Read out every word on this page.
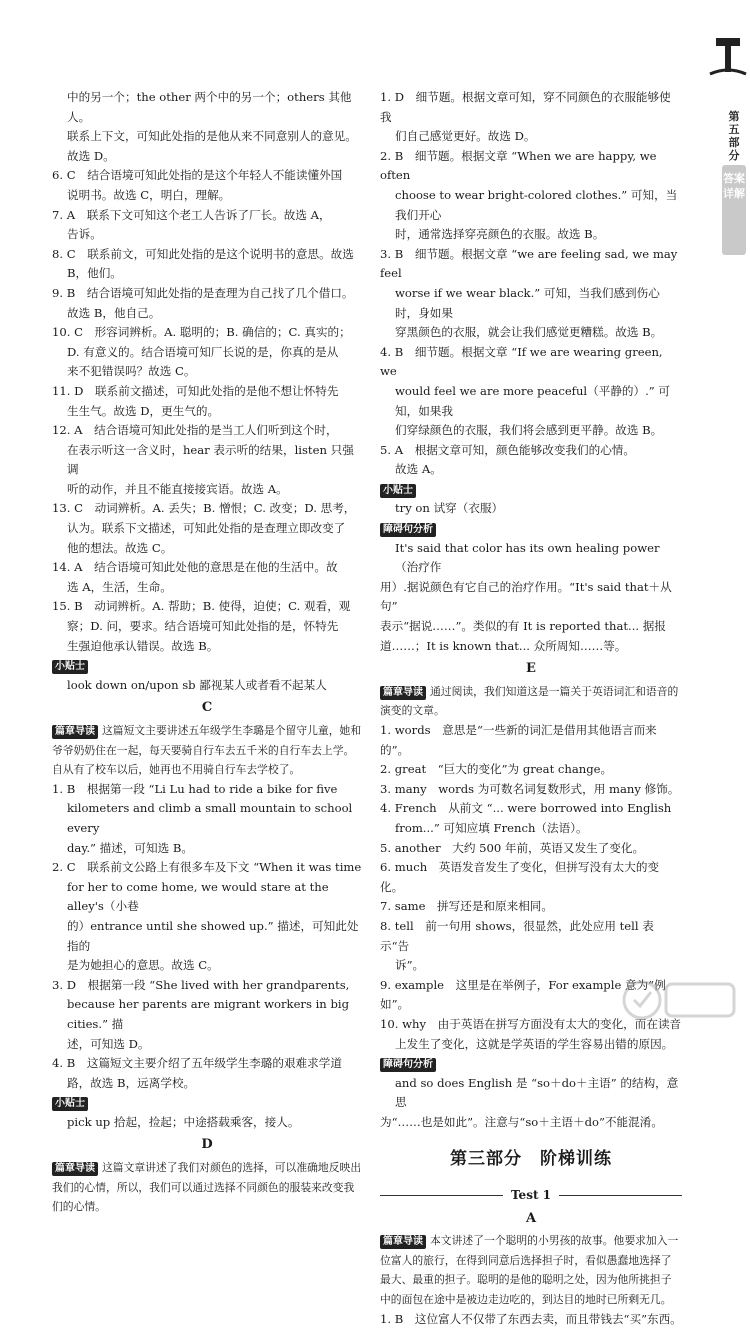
第五部分
答案详解

中的另一个；the other 两个中的另一个；others 其他人。

联系上下文，可知此处指的是他从来不同意别人的意见。

故选 D。

6. C　结合语境可知此处指的是这个年轻人不能读懂外国

说明书。故选 C，明白，理解。

7. A　联系下文可知这个老工人告诉了厂长。故选 A，

告诉。

8. C　联系前文，可知此处指的是这个说明书的意思。故选

B，他们。

9. B　结合语境可知此处指的是查理为自己找了几个借口。

故选 B，他自己。

10. C　形容词辨析。A. 聪明的；B. 确信的；C. 真实的；

D. 有意义的。结合语境可知厂长说的是，你真的是从

来不犯错误吗？故选 C。

11. D　联系前文描述，可知此处指的是他不想让怀特先

生生气。故选 D，更生气的。

12. A　结合语境可知此处指的是当工人们听到这个时，

在表示听这一含义时，hear 表示听的结果，listen 只强调

听的动作，并且不能直接接宾语。故选 A。

13. C　动词辨析。A. 丢失；B. 憎恨；C. 改变；D. 思考，

认为。联系下文描述，可知此处指的是查理立即改变了

他的想法。故选 C。

14. A　结合语境可知此处他的意思是在他的生活中。故

选 A，生活，生命。

15. B　动词辨析。A. 帮助；B. 使得，迫使；C. 观看，观

察；D. 问，要求。结合语境可知此处指的是，怀特先

生强迫他承认错误。故选 B。

小贴士

look down on/upon sb 鄙视某人或者看不起某人

C

篇章导读 这篇短文主要讲述五年级学生李璐是个留守儿童，她和爷爷奶奶住在一起，每天要骑自行车去五千米的自行车去上学。自从有了校车以后，她再也不用骑自行车去学校了。

1. B　根据第一段 “Li Lu had to ride a bike for five

kilometers and climb a small mountain to school every

day.” 描述，可知选 B。

2. C　联系前文公路上有很多车及下文 “When it was time

for her to come home, we would stare at the alley's（小巷

的）entrance until she showed up.” 描述，可知此处指的

是为她担心的意思。故选 C。

3. D　根据第一段 “She lived with her grandparents,

because her parents are migrant workers in big cities.” 描

述，可知选 D。

4. B　这篇短文主要介绍了五年级学生李璐的艰难求学道

路，故选 B，远离学校。

小贴士

pick up 拾起，捡起；中途搭载乘客，接人。

D

篇章导读 这篇文章讲述了我们对颜色的选择，可以准确地反映出我们的心情，所以，我们可以通过选择不同颜色的服装来改变我们的心情。

1. D　细节题。根据文章可知，穿不同颜色的衣服能够使我

们自己感觉更好。故选 D。

2. B　细节题。根据文章 “When we are happy, we often

choose to wear bright-colored clothes.” 可知，当我们开心

时，通常选择穿亮颜色的衣服。故选 B。

3. B　细节题。根据文章 “we are feeling sad, we may feel

worse if we wear black.” 可知，当我们感到伤心时，身如果

穿黑颜色的衣服，就会让我们感觉更糟糕。故选 B。

4. B　细节题。根据文章 “If we are wearing green, we

would feel we are more peaceful（平静的）.” 可知，如果我

们穿绿颜色的衣服，我们将会感到更平静。故选 B。

5. A　根据文章可知，颜色能够改变我们的心情。

故选 A。

小贴士

try on 试穿（衣服）

障碍句分析

It's said that color has its own healing power（治疗作

用）.据说颜色有它自己的治疗作用。“It's said that＋从句”

表示“据说……”。类似的有 It is reported that... 据报

道……；It is known that... 众所周知……等。

E

篇章导读 通过阅读，我们知道这是一篇关于英语词汇和语音的演变的文章。

1. words　意思是“一些新的词汇是借用其他语言而来的”。

2. great　“巨大的变化”为 great change。

3. many　words 为可数名词复数形式，用 many 修饰。

4. French　从前文 “... were borrowed into English

from...” 可知应填 French（法语）。

5. another　大约 500 年前，英语又发生了变化。

6. much　英语发音发生了变化，但拼写没有太大的变化。

7. same　拼写还是和原来相同。

8. tell　前一句用 shows，很显然，此处应用 tell 表示“告

诉”。

9. example　这里是在举例子，For example 意为“例如”。

10. why　由于英语在拼写方面没有太大的变化，而在读音

上发生了变化，这就是学英语的学生容易出错的原因。

障碍句分析

and so does English 是 “so＋do＋主语” 的结构，意思

为“……也是如此”。注意与“so＋主语＋do”不能混淆。

第三部分　阶梯训练

Test 1

A

篇章导读 本文讲述了一个聪明的小男孩的故事。他要求加入一位富人的旅行，在得到同意后选择担子时，看似愚蠢地选择了最大、最重的担子。聪明的是他的聪明之处，因为他所挑担子中的面包在途中是被边走边吃的，到达目的地时已所剩无几。

1. B　这位富人不仅带了东西去卖，而且带钱去“买”东西。
